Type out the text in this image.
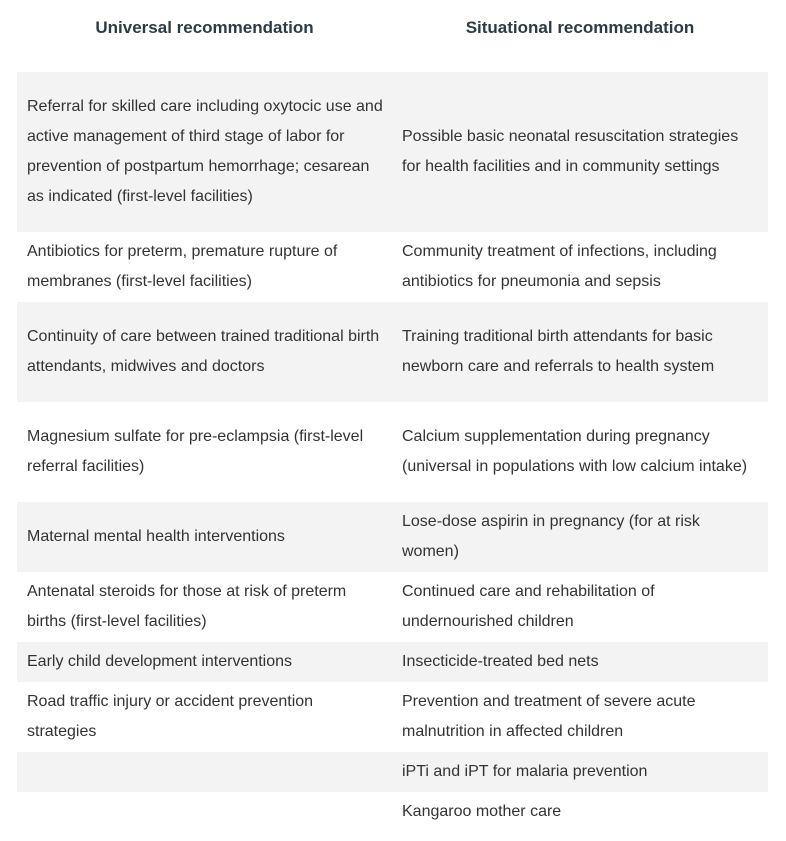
Universal recommendation	Situational recommendation
Referral for skilled care including oxytocic use and active management of third stage of labor for prevention of postpartum hemorrhage; cesarean as indicated (first-level facilities)
Possible basic neonatal resuscitation strategies for health facilities and in community settings
Antibiotics for preterm, premature rupture of membranes (first-level facilities)
Community treatment of infections, including antibiotics for pneumonia and sepsis
Continuity of care between trained traditional birth attendants, midwives and doctors
Training traditional birth attendants for basic newborn care and referrals to health system
Magnesium sulfate for pre-eclampsia (first-level referral facilities)
Calcium supplementation during pregnancy (universal in populations with low calcium intake)
Maternal mental health interventions
Lose-dose aspirin in pregnancy (for at risk women)
Antenatal steroids for those at risk of preterm births (first-level facilities)
Continued care and rehabilitation of undernourished children
Early child development interventions	Insecticide-treated bed nets
Road traffic injury or accident prevention strategies
Prevention and treatment of severe acute malnutrition in affected children
iPTi and iPT for malaria prevention
Kangaroo mother care
